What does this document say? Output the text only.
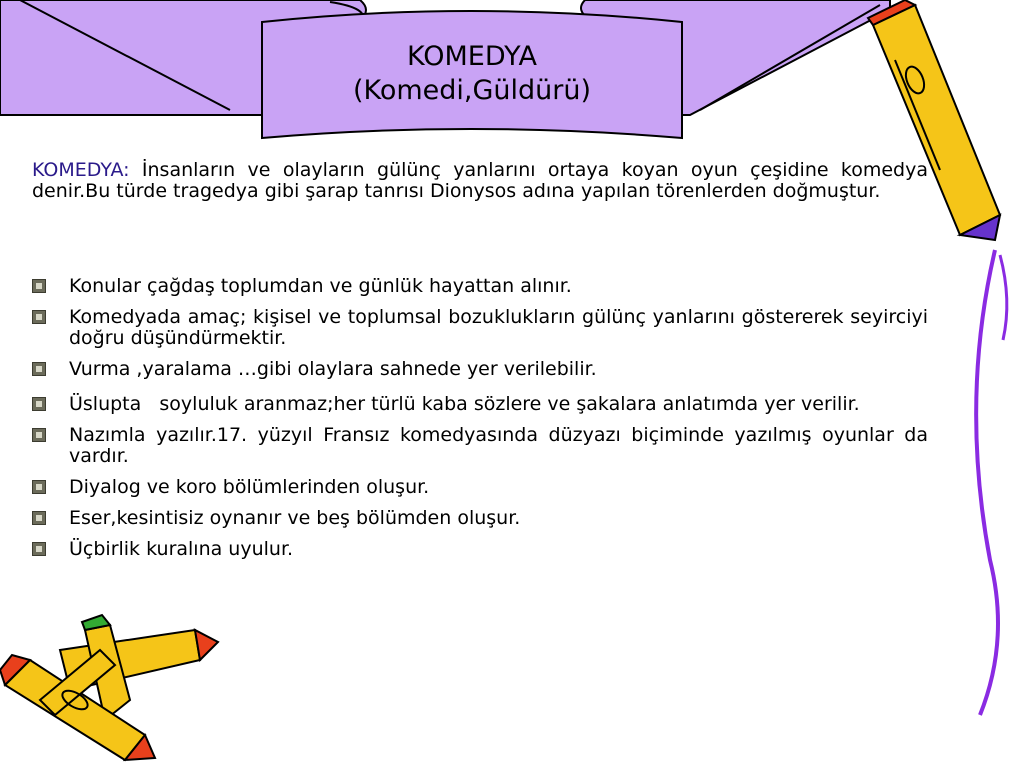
KOMEDYA
(Komedi,Güldürü)
KOMEDYA: İnsanların ve olayların gülünç yanlarını ortaya koyan oyun çeşidine komedya denir.Bu türde tragedya gibi şarap tanrısı Dionysos adına yapılan törenlerden doğmuştur.
Konular çağdaş toplumdan ve günlük hayattan alınır.
Komedyada amaç; kişisel ve toplumsal bozuklukların gülünç yanlarını göstererek seyirciyi doğru düşündürmektir.
Vurma ,yaralama …gibi olaylara sahnede yer verilebilir.
Üslupta   soyluluk aranmaz;her türlü kaba sözlere ve şakalara anlatımda yer verilir.
Nazımla yazılır.17. yüzyıl Fransız komedyasında düzyazı biçiminde yazılmış oyunlar da vardır.
Diyalog ve koro bölümlerinden oluşur.
Eser,kesintisiz oynanır ve beş bölümden oluşur.
Üçbirlik kuralına uyulur.
